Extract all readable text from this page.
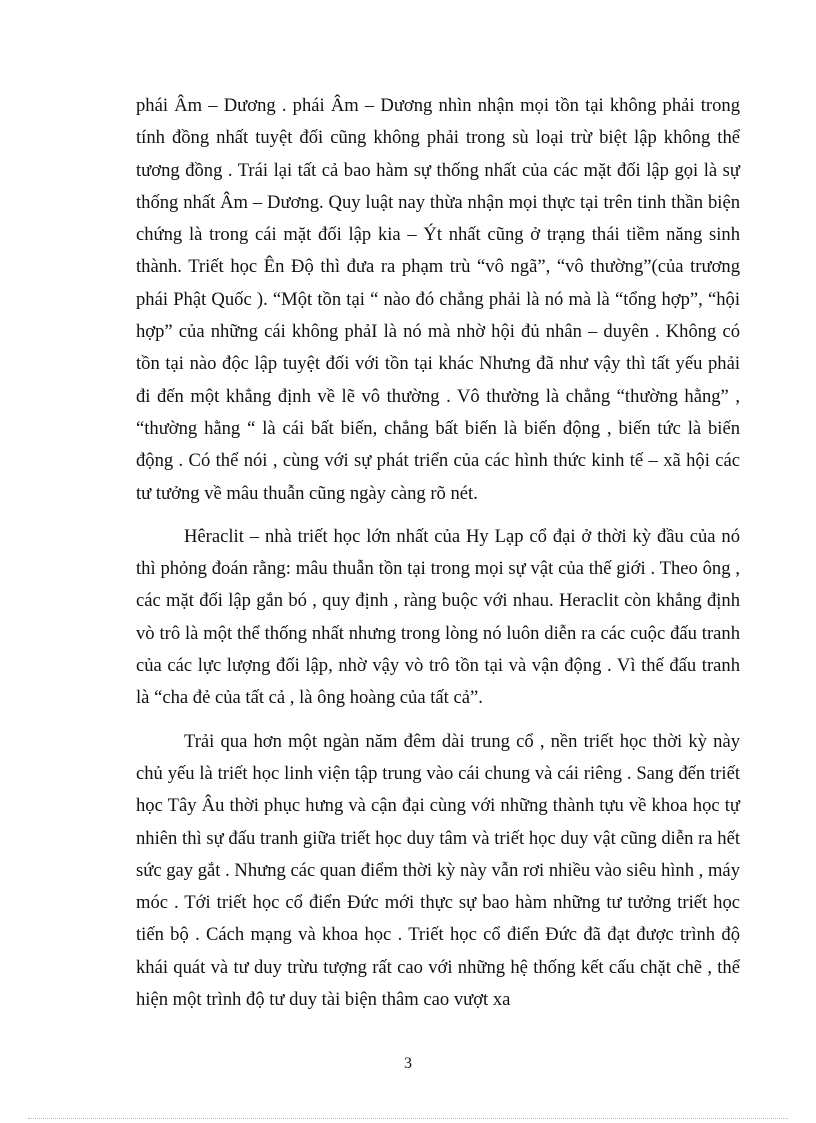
phái Âm – Dương . phái Âm – Dương nhìn nhận mọi tồn tại không phải trong tính đồng nhất tuyệt đối cũng không phải trong sù loại trừ biệt lập không thể tương đồng . Trái lại tất cả bao hàm sự thống nhất của các mặt đối lập gọi là sự thống nhất Âm – Dương. Quy luật nay thừa nhận mọi thực tại trên tinh thần biện chứng là trong cái mặt đối lập kia – Ýt nhất cũng ở trạng thái tiềm năng sinh thành. Triết học Ên Độ thì đưa ra phạm trù “vô ngã”, “vô thường”(của trương phái Phật Quốc ). “Một tồn tại “ nào đó chẳng phải là nó mà là “tổng hợp”, “hội hợp” của những cái không phảI là nó mà nhờ hội đủ nhân – duyên . Không có tồn tại nào độc lập tuyệt đối với tồn tại khác Nhưng đã như vậy thì tất yếu phải đi đến một khẳng định về lẽ vô thường . Vô thường là chẳng “thường hằng” , “thường hằng “ là cái bất biến, chẳng bất biến là biến động , biến tức là biến động . Có thể nói , cùng với sự phát triển của các hình thức kinh tế – xã hội các tư tưởng về mâu thuẫn cũng ngày càng rõ nét.

Hêraclit – nhà triết học lớn nhất của Hy Lạp cổ đại ở thời kỳ đầu của nó thì phỏng đoán rằng: mâu thuẫn tồn tại trong mọi sự vật của thế giới . Theo ông , các mặt đối lập gắn bó , quy định , ràng buộc với nhau. Heraclit còn khẳng định vò trô là một thể thống nhất nhưng trong lòng nó luôn diễn ra các cuộc đấu tranh của các lực lượng đối lập, nhờ vậy vò trô tồn tại và vận động . Vì thế đấu tranh là “cha đẻ của tất cả , là ông hoàng của tất cả”.

Trải qua hơn một ngàn năm đêm dài trung cổ , nền triết học thời kỳ này chủ yếu là triết học linh viện tập trung vào cái chung và cái riêng . Sang đến triết học Tây Âu thời phục hưng và cận đại cùng với những thành tựu về khoa học tự nhiên thì sự đấu tranh giữa triết học duy tâm và triết học duy vật cũng diễn ra hết sức gay gắt . Nhưng các quan điểm thời kỳ này vẫn rơi nhiều vào siêu hình , máy móc . Tới triết học cổ điển Đức mới thực sự bao hàm những tư tưởng triết học tiến bộ . Cách mạng và khoa học . Triết học cổ điển Đức đã đạt được trình độ khái quát và tư duy trừu tượng rất cao với những hệ thống kết cấu chặt chẽ , thể hiện một trình độ tư duy tài biện thâm cao vượt xa

3
